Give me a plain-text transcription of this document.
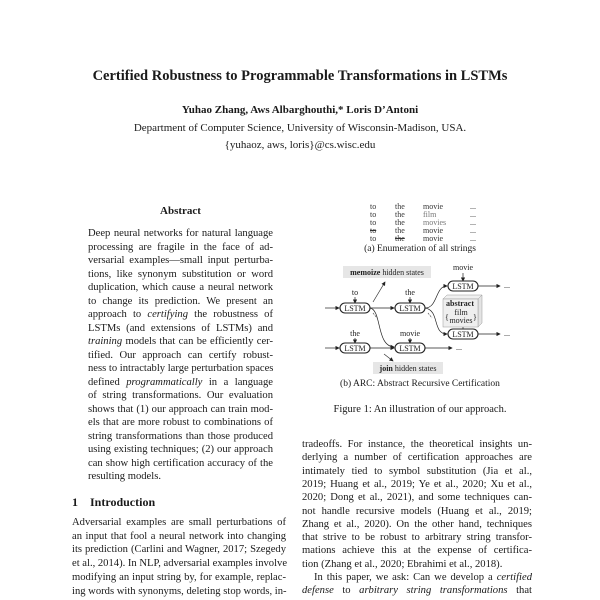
Certified Robustness to Programmable Transformations in LSTMs
Yuhao Zhang, Aws Albarghouthi,* Loris D’Antoni
Department of Computer Science, University of Wisconsin-Madison, USA.
{yuhaoz, aws, loris}@cs.wisc.edu
Abstract
Deep neural networks for natural language
processing are fragile in the face of ad-
versarial examples—small input perturba-
tions, like synonym substitution or word
duplication, which cause a neural network
to change its prediction. We present an
approach to certifying the robustness of
LSTMs (and extensions of LSTMs) and
training models that can be efficiently cer-
tified. Our approach can certify robust-
ness to intractably large perturbation spaces
defined programmatically in a language
of string transformations. Our evaluation
shows that (1) our approach can train mod-
els that are more robust to combinations of
string transformations than those produced
using existing techniques; (2) our approach
can show high certification accuracy of the
resulting models.
1 Introduction
Adversarial examples are small perturbations of
an input that fool a neural network into changing
its prediction (Carlini and Wagner, 2017; Szegedy
et al., 2014). In NLP, adversarial examples involve
modifying an input string by, for example, replac-
ing words with synonyms, deleting stop words, in-
tradeoffs. For instance, the theoretical insights un-
derlying a number of certification approaches are
intimately tied to symbol substitution (Jia et al.,
2019; Huang et al., 2019; Ye et al., 2020; Xu et al.,
2020; Dong et al., 2021), and some techniques can-
not handle recursive models (Huang et al., 2019;
Zhang et al., 2020). On the other hand, techniques
that strive to be robust to arbitrary string transfor-
mations achieve this at the expense of certifica-
tion (Zhang et al., 2020; Ebrahimi et al., 2018).
In this paper, we ask: Can we develop a certified
defense to arbitrary string transformations that
to the movie	...
to the film	...
to the movies	...
to the movie	...
to the movie	...
(a) Enumeration of all strings
memoize hidden states
movie
LSTM	...
abstract
film
movies
{	}
to	the
LSTM	LSTM
LSTM	...
the	movie
LSTM	LSTM	...
join hidden states
(b) ARC: Abstract Recursive Certification
Figure 1: An illustration of our approach.
